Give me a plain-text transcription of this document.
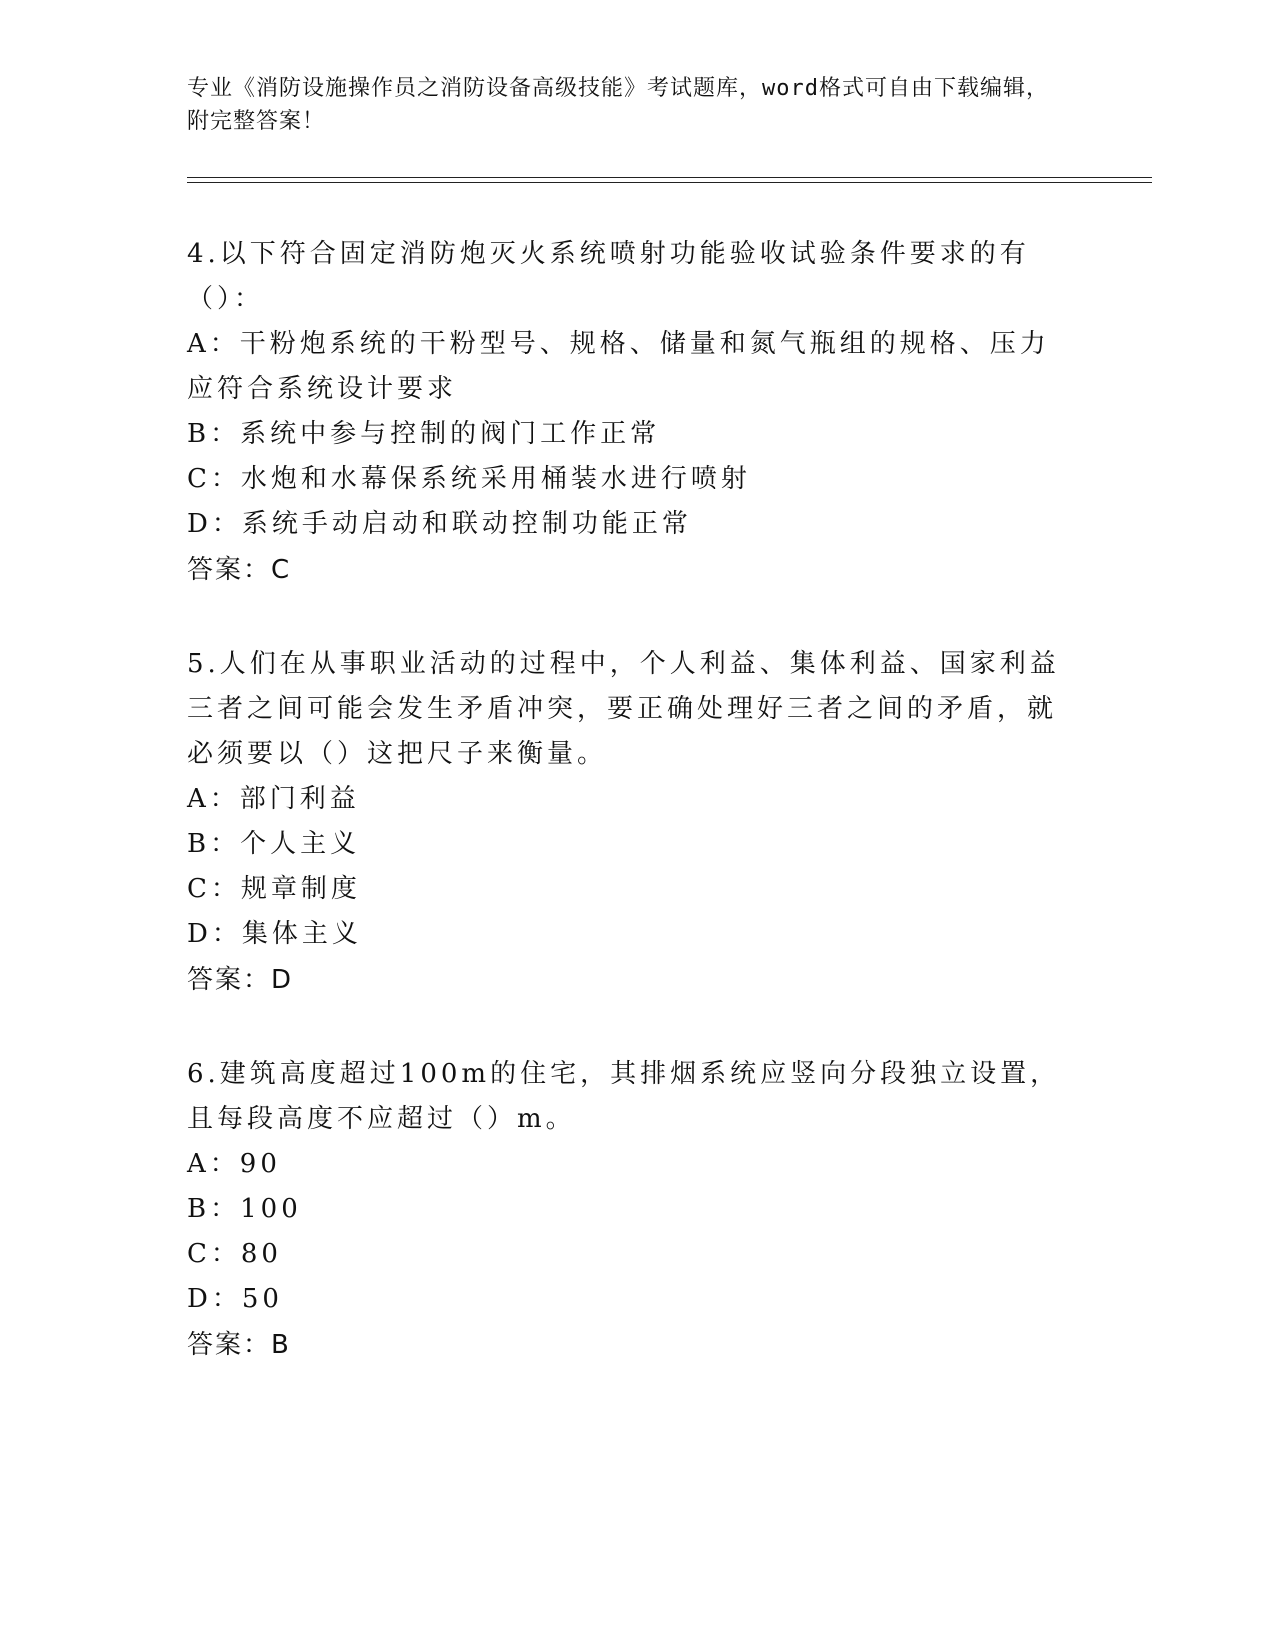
专业《消防设施操作员之消防设备高级技能》考试题库，word格式可自由下载编辑，附完整答案！

4.以下符合固定消防炮灭火系统喷射功能验收试验条件要求的有（）：

A：干粉炮系统的干粉型号、规格、储量和氮气瓶组的规格、压力应符合系统设计要求

B：系统中参与控制的阀门工作正常

C：水炮和水幕保系统采用桶装水进行喷射

D：系统手动启动和联动控制功能正常

答案：C

5.人们在从事职业活动的过程中，个人利益、集体利益、国家利益三者之间可能会发生矛盾冲突，要正确处理好三者之间的矛盾，就必须要以（）这把尺子来衡量。

A：部门利益

B：个人主义

C：规章制度

D：集体主义

答案：D

6.建筑高度超过100m的住宅，其排烟系统应竖向分段独立设置，且每段高度不应超过（）m。

A：90

B：100

C：80

D：50

答案：B
